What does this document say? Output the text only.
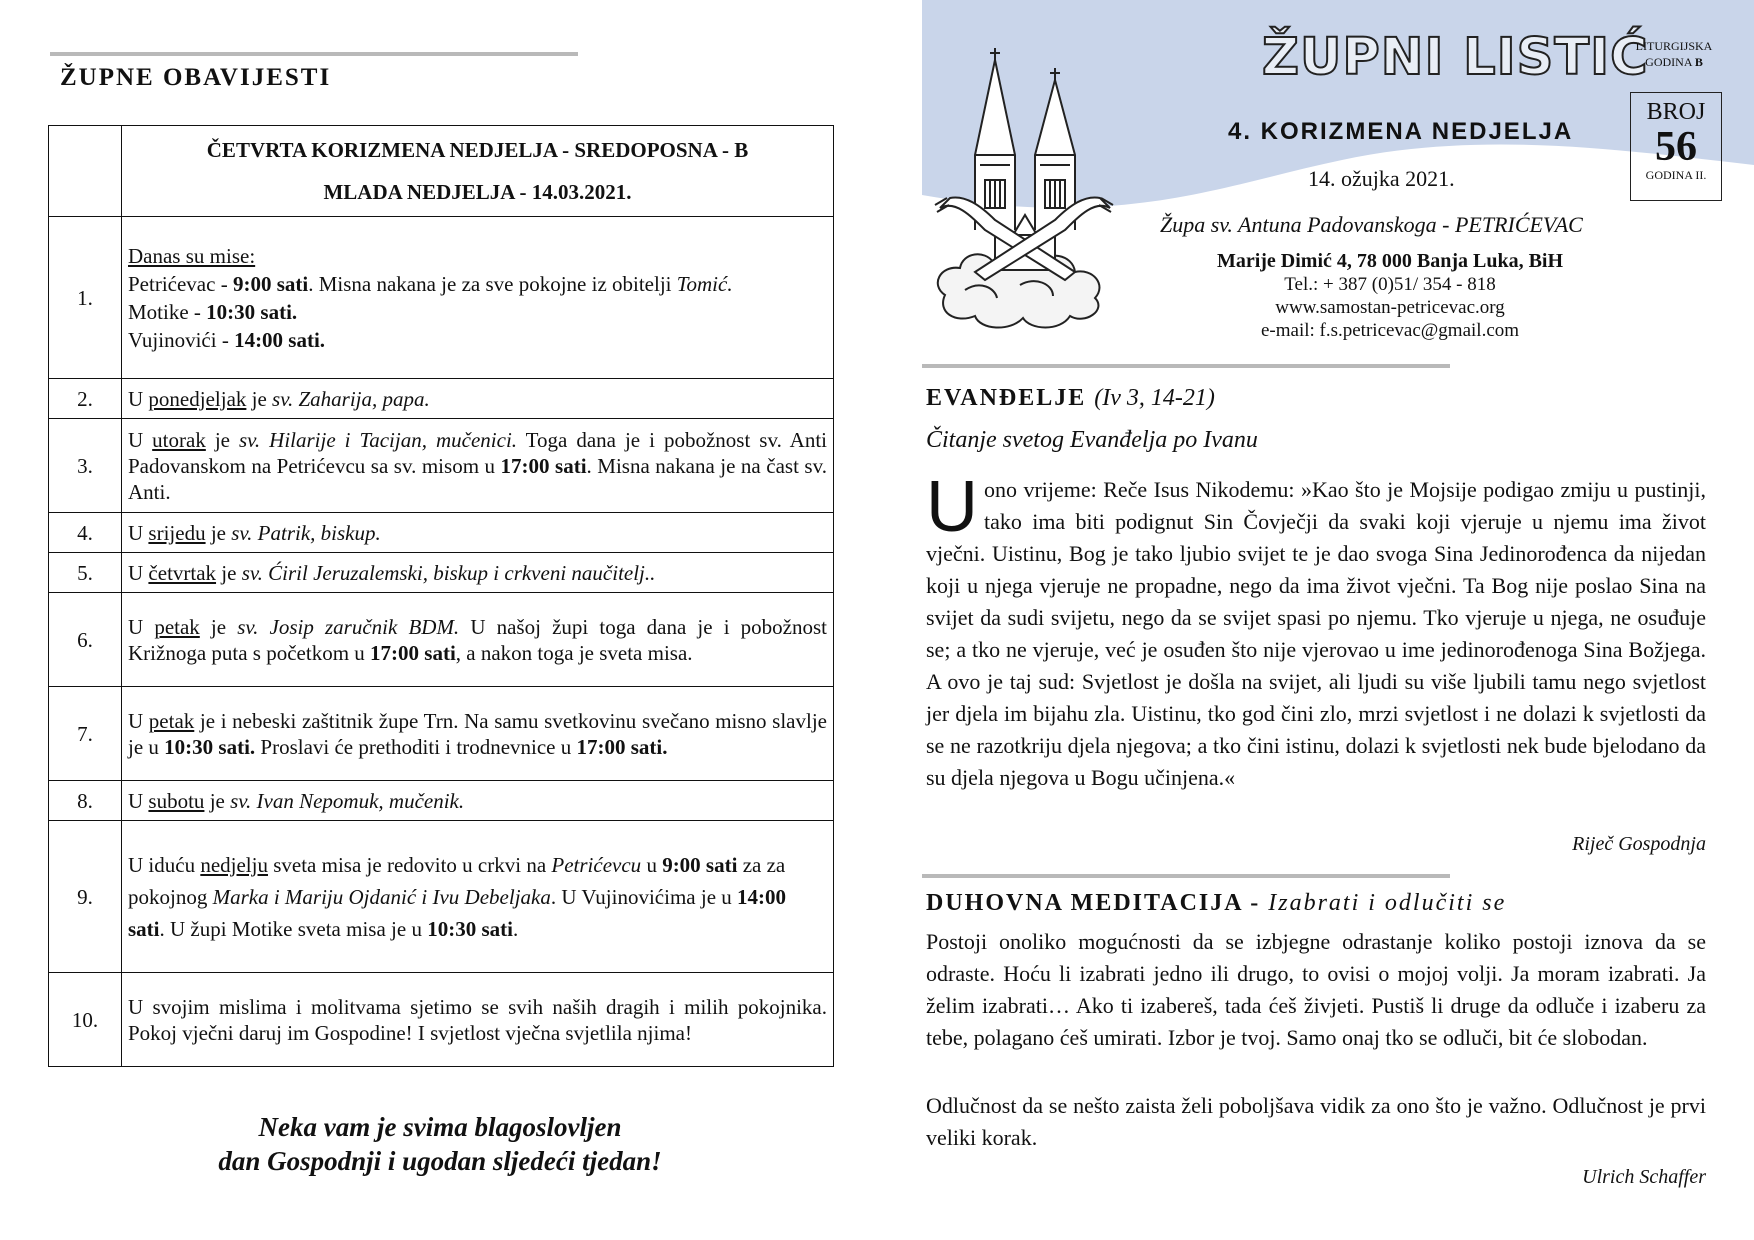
ŽUPNE OBAVIJESTI

	ČETVRTA KORIZMENA NEDJELJA - SREDOPOSNA - B
MLADA NEDJELJA - 14.03.2021.

1.	Danas su mise:
Petrićevac - 9:00 sati. Misna nakana je za sve pokojne iz obitelji Tomić.
Motike - 10:30 sati.
Vujinovići - 14:00 sati.

2.	U ponedjeljak je sv. Zaharija, papa.
3.	U utorak je sv. Hilarije i Tacijan, mučenici. Toga dana je i pobožnost sv. Anti Padovanskom na Petrićevcu sa sv. misom u 17:00 sati. Misna nakana je na čast sv. Anti.
4.	U srijedu je sv. Patrik, biskup.
5.	U četvrtak je sv. Ćiril Jeruzalemski, biskup i crkveni naučitelj..
6.	U petak je sv. Josip zaručnik BDM. U našoj župi toga dana je i pobožnost Križnoga puta s početkom u 17:00 sati, a nakon toga je sveta misa.
7.	U petak je i nebeski zaštitnik župe Trn. Na samu svetkovinu svečano misno slavlje je u 10:30 sati. Proslavi će prethoditi i trodnevnice u 17:00 sati.
8.	U subotu je sv. Ivan Nepomuk, mučenik.
9.	U iduću nedjelju sveta misa je redovito u crkvi na Petrićevcu u 9:00 sati za za pokojnog Marka i Mariju Ojdanić i Ivu Debeljaka. U Vujinovićima je u 14:00 sati. U župi Motike sveta misa je u 10:30 sati.
10.	U svojim mislima i molitvama sjetimo se svih naših dragih i milih pokojnika. Pokoj vječni daruj im Gospodine! I svjetlost vječna svjetlila njima!
Neka vam je svima blagoslovljen
dan Gospodnji i ugodan sljedeći tjedan!
ŽUPNI LISTIĆ
4. KORIZMENA NEDJELJA
14. ožujka 2021.
LITURGIJSKA
GODINA B
BROJ
56
GODINA II.
Župa sv. Antuna Padovanskoga - PETRIĆEVAC
Marije Dimić 4, 78 000 Banja Luka, BiH
Tel.: + 387 (0)51/ 354 - 818
www.samostan-petricevac.org
e-mail: f.s.petricevac@gmail.com
EVANĐELJE (Iv 3, 14-21)
Čitanje svetog Evanđelja po Ivanu
Uono vrijeme: Reče Isus Nikodemu: »Kao što je Mojsije podigao zmiju u pustinji, tako ima biti podignut Sin Čovječji da svaki koji vjeruje u njemu ima život vječni. Uistinu, Bog je tako ljubio svijet te je dao svoga Sina Jedinorođenca da nijedan koji u njega vjeruje ne propadne, nego da ima život vječni. Ta Bog nije poslao Sina na svijet da sudi svijetu, nego da se svijet spasi po njemu. Tko vjeruje u njega, ne osuđuje se; a tko ne vjeruje, već je osuđen što nije vjerovao u ime jedinorođenoga Sina Božjega. A ovo je taj sud: Svjetlost je došla na svijet, ali ljudi su više ljubili tamu nego svjetlost jer djela im bijahu zla. Uistinu, tko god čini zlo, mrzi svjetlost i ne dolazi k svjetlosti da se ne razotkriju djela njegova; a tko čini istinu, dolazi k svjetlosti nek bude bjelodano da su djela njegova u Bogu učinjena.«
Riječ Gospodnja
DUHOVNA MEDITACIJA - Izabrati i odlučiti se
Postoji onoliko mogućnosti da se izbjegne odrastanje koliko postoji iznova da se odraste. Hoću li izabrati jedno ili drugo, to ovisi o mojoj volji. Ja moram izabrati. Ja želim izabrati… Ako ti izabereš, tada ćeš živjeti. Pustiš li druge da odluče i izaberu za tebe, polagano ćeš umirati. Izbor je tvoj. Samo onaj tko se odluči, bit će slobodan.
Odlučnost da se nešto zaista želi poboljšava vidik za ono što je važno. Odlučnost je prvi veliki korak.
Ulrich Schaffer
